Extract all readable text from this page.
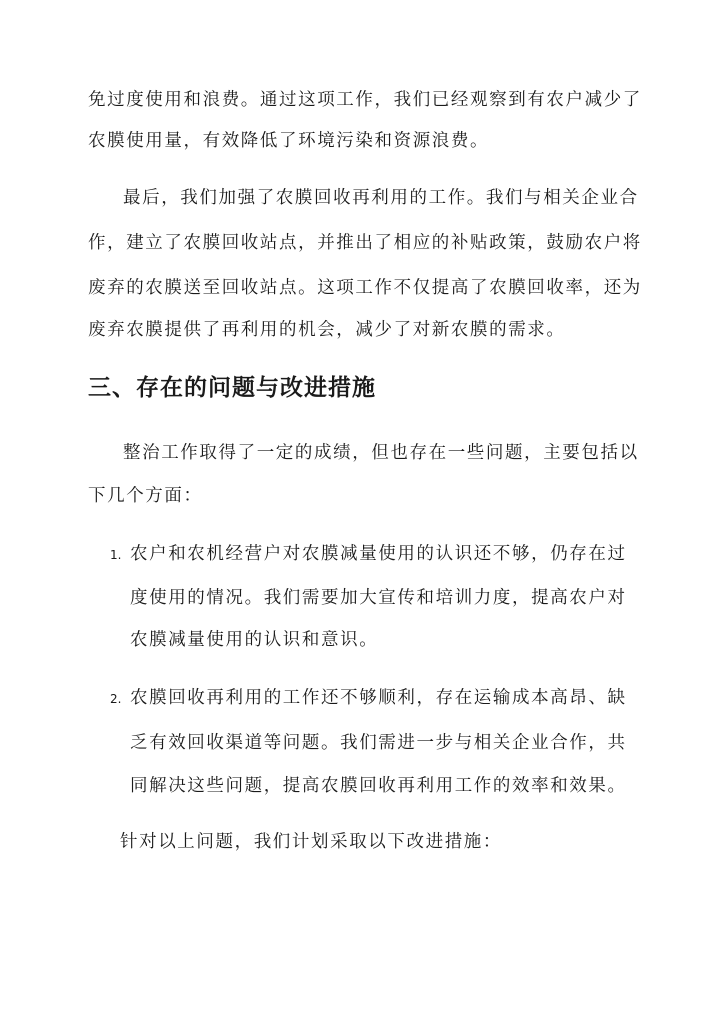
免过度使用和浪费。通过这项工作，我们已经观察到有农户减少了
农膜使用量，有效降低了环境污染和资源浪费。
最后，我们加强了农膜回收再利用的工作。我们与相关企业合
作，建立了农膜回收站点，并推出了相应的补贴政策，鼓励农户将
废弃的农膜送至回收站点。这项工作不仅提高了农膜回收率，还为
废弃农膜提供了再利用的机会，减少了对新农膜的需求。
三、存在的问题与改进措施
整治工作取得了一定的成绩，但也存在一些问题，主要包括以
下几个方面：
1. 农户和农机经营户对农膜减量使用的认识还不够，仍存在过
度使用的情况。我们需要加大宣传和培训力度，提高农户对
农膜减量使用的认识和意识。
2. 农膜回收再利用的工作还不够顺利，存在运输成本高昂、缺
乏有效回收渠道等问题。我们需进一步与相关企业合作，共
同解决这些问题，提高农膜回收再利用工作的效率和效果。
针对以上问题，我们计划采取以下改进措施：
